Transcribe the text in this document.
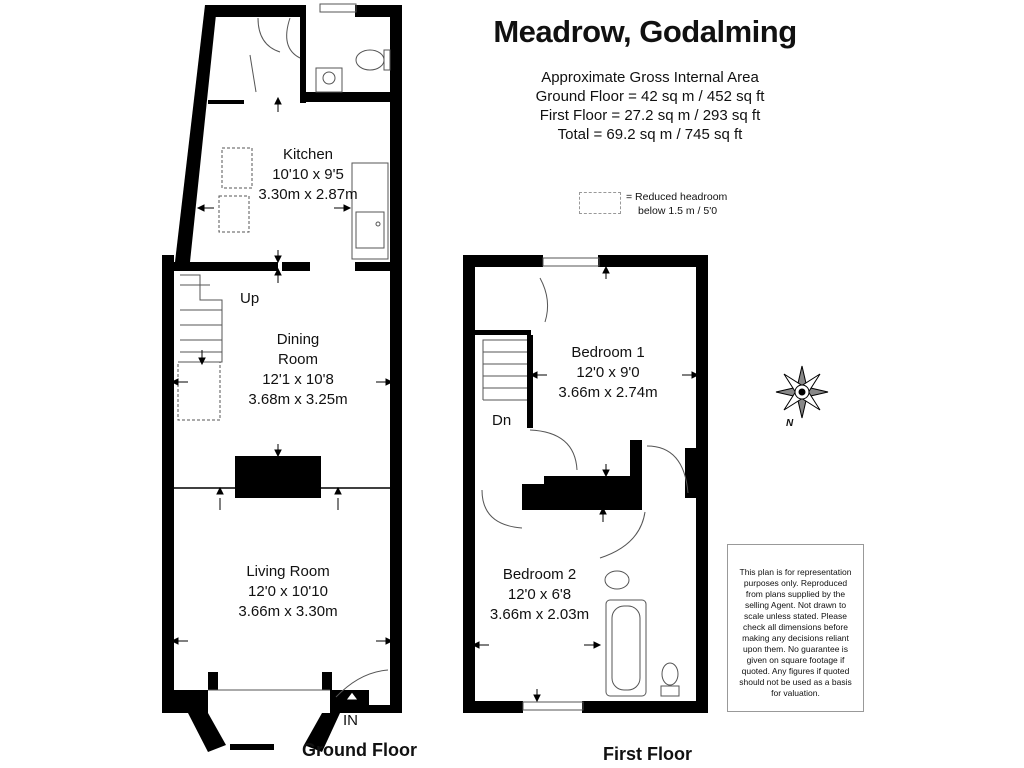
Meadrow, Godalming
Approximate Gross Internal Area
Ground Floor = 42 sq m / 452 sq ft
First Floor = 27.2 sq m / 293 sq ft
Total = 69.2 sq m / 745 sq ft
= Reduced headroom
below 1.5 m / 5'0
Kitchen
10'10 x 9'5
3.30m x 2.87m
Dining
Room
12'1 x 10'8
3.68m x 3.25m
Living Room
12'0 x 10'10
3.66m x 3.30m
Bedroom 1
12'0 x 9'0
3.66m x 2.74m
Bedroom 2
12'0 x 6'8
3.66m x 2.03m
Up
Dn
IN
Ground Floor	First Floor
N
This plan is for representation purposes only. Reproduced from plans supplied by the selling Agent. Not drawn to scale unless stated. Please check all dimensions before making any decisions reliant upon them. No guarantee is given on square footage if quoted. Any figures if quoted should not be used as a basis for valuation.
